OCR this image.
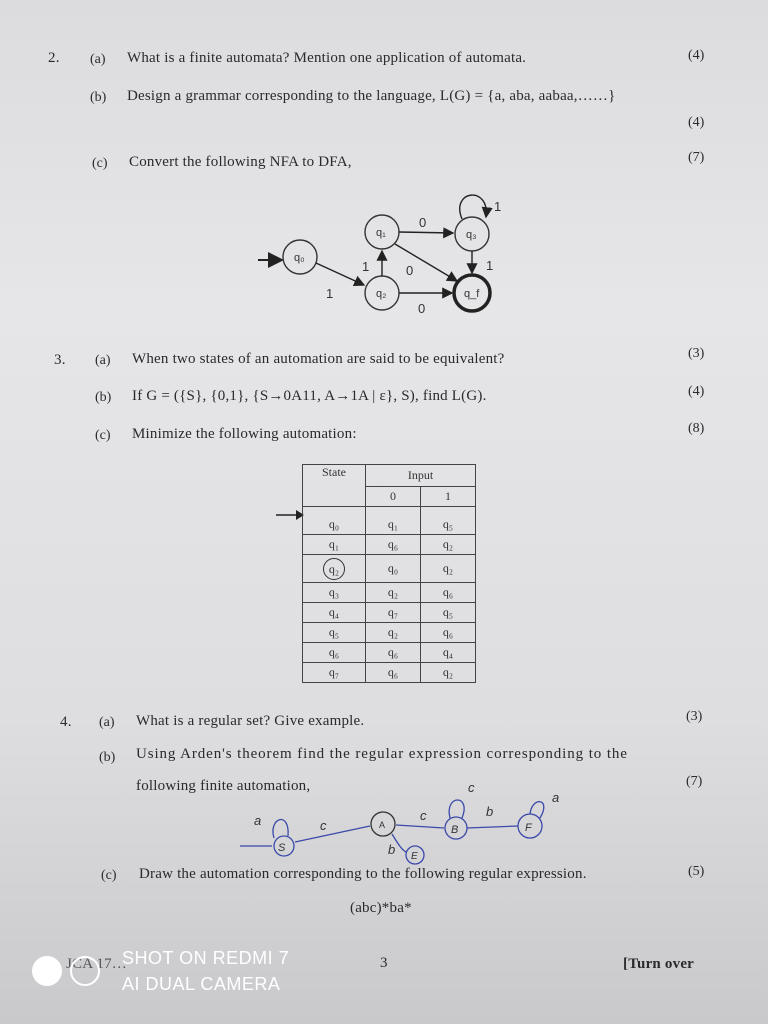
2. (a) What is a finite automata? Mention one application of automata.	(4)
(b) Design a grammar corresponding to the language, L(G) = {a, aba, aabaa,……}
(4)
(c) Convert the following NFA to DFA,	(7)
q₀
q₁
q₂
q₃
q_f
0
1
1	0	1
1
0
3. (a) When two states of an automation are said to be equivalent?	(3)
(b) If G = ({S}, {0,1}, {S→0A11, A→1A | ε}, S), find L(G).	(4)
(c) Minimize the following automation:	(8)
State	Input	
	0	1

q₀	q₁	q₅
q₁	q₆	q₂
q₂	q₀	q₂
q₃	q₂	q₆
q₄	q₇	q₅
q₅	q₂	q₆
q₆	q₆	q₄
q₇	q₆	q₂
4. (a) What is a regular set? Give example.	(3)
(b) Using Arden's theorem find the regular expression corresponding to the
following finite automation,	(7)
a	c
c	b
c
a
b
S
A	B	F
E
(c) Draw the automation corresponding to the following regular expression.	(5)
(abc)*ba*
JCA 17…	3	[Turn over
SHOT ON REDMI 7
AI DUAL CAMERA
